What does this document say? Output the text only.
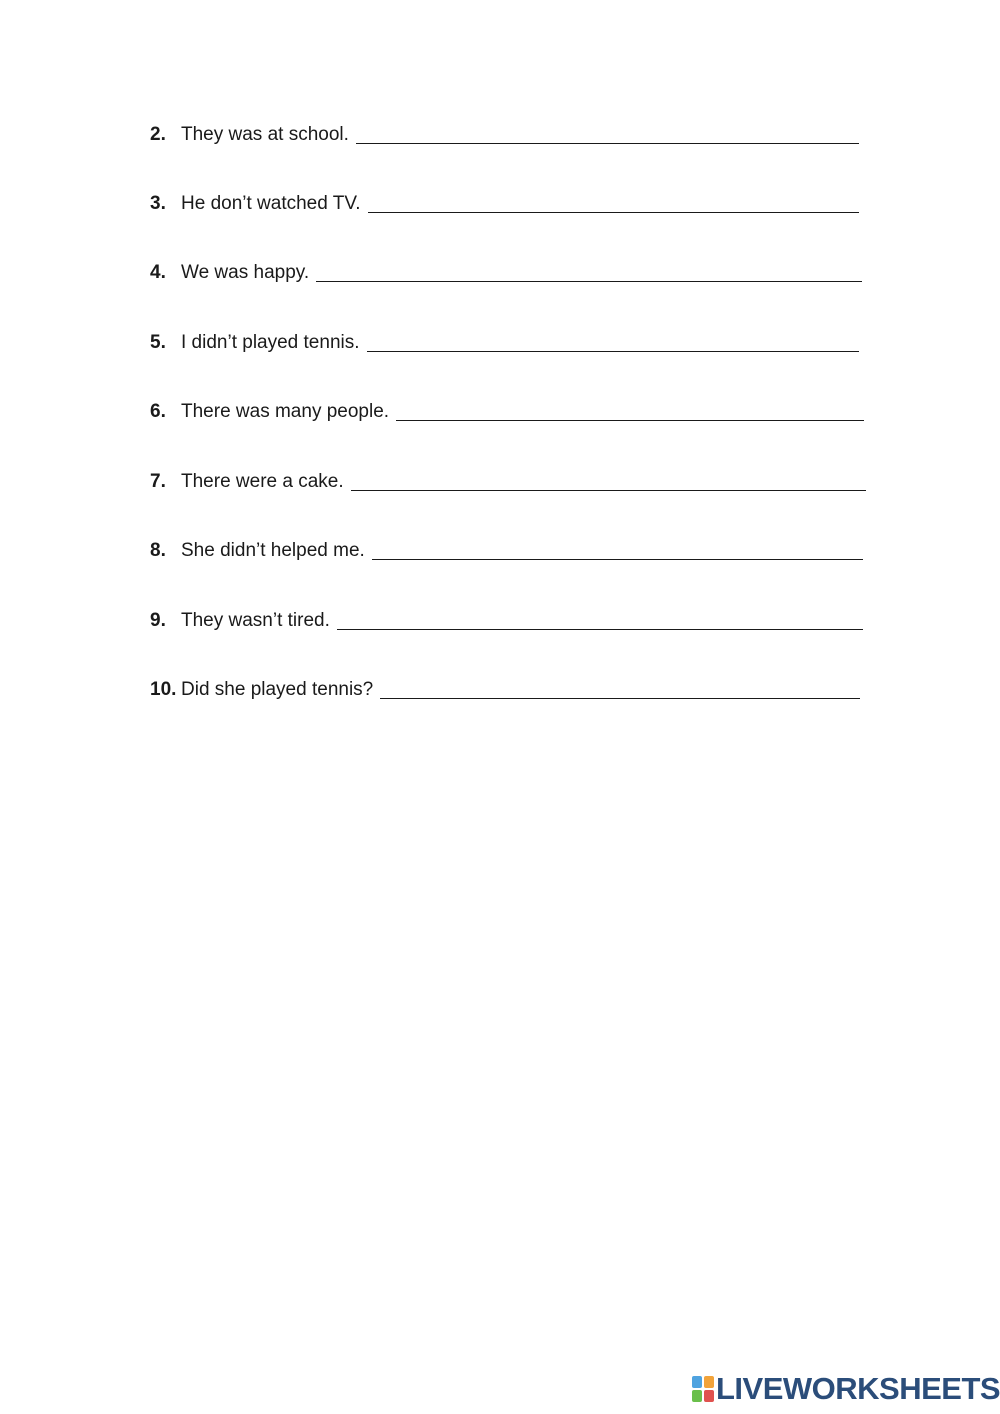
2. They was at school.
3. He don’t watched TV.
4. We was happy.
5. I didn’t played tennis.
6. There was many people.
7. There were a cake.
8. She didn’t helped me.
9. They wasn’t tired.
10. Did she played tennis?
LIVEWORKSHEETS
